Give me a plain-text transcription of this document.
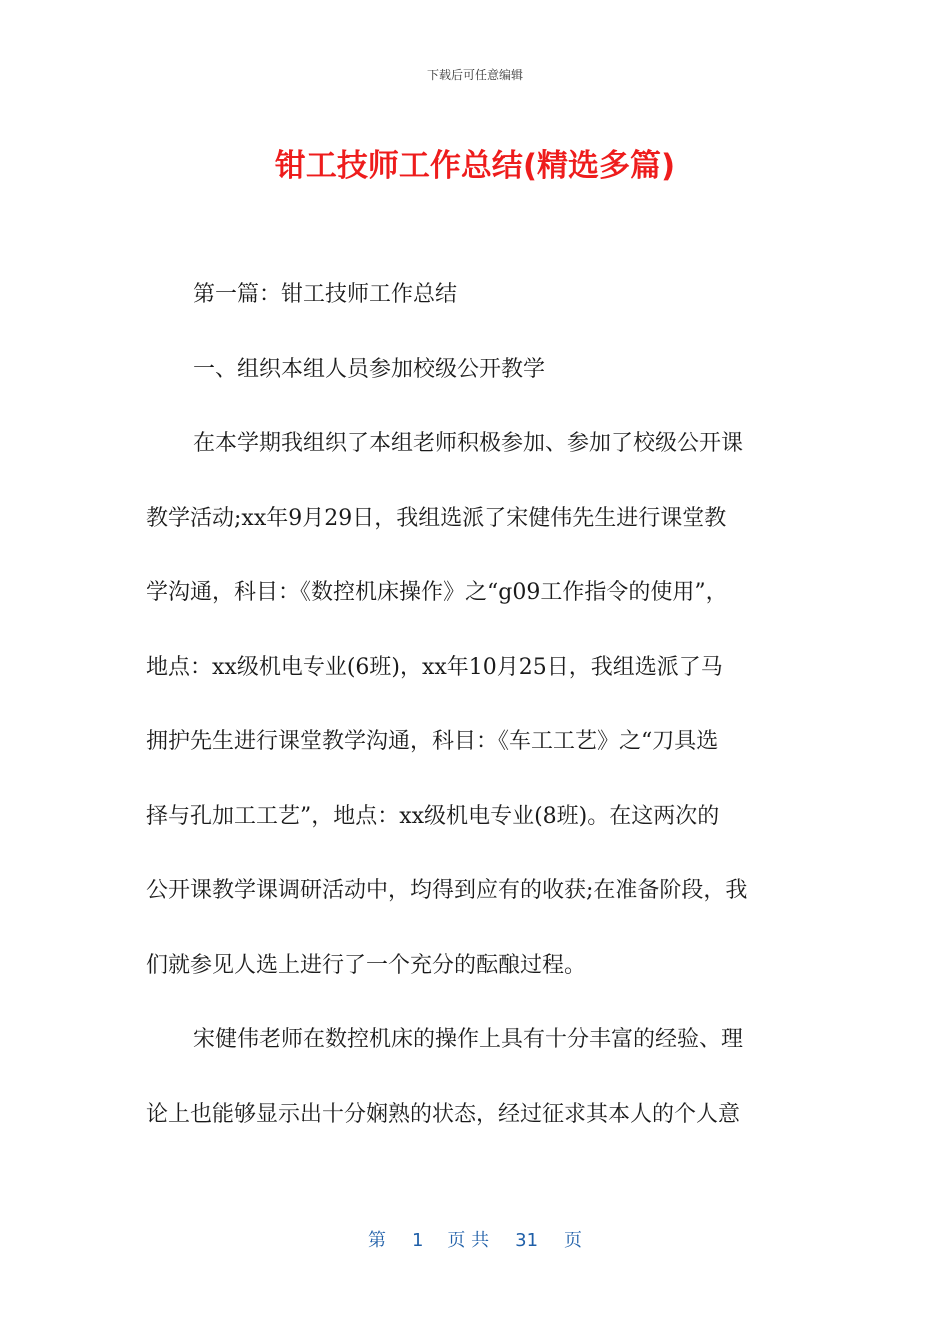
下载后可任意编辑
钳工技师工作总结(精选多篇)
第一篇：钳工技师工作总结
一、组织本组人员参加校级公开教学
在本学期我组织了本组老师积极参加、参加了校级公开课
教学活动;xx年9月29日，我组选派了宋健伟先生进行课堂教
学沟通，科目：《数控机床操作》之“g09工作指令的使用”，
地点：xx级机电专业(6班)，xx年10月25日，我组选派了马
拥护先生进行课堂教学沟通，科目：《车工工艺》之“刀具选
择与孔加工工艺”，地点：xx级机电专业(8班)。在这两次的
公开课教学课调研活动中，均得到应有的收获;在准备阶段，我
们就参见人选上进行了一个充分的酝酿过程。
宋健伟老师在数控机床的操作上具有十分丰富的经验、理
论上也能够显示出十分娴熟的状态，经过征求其本人的个人意
第 1 页 共 31 页
